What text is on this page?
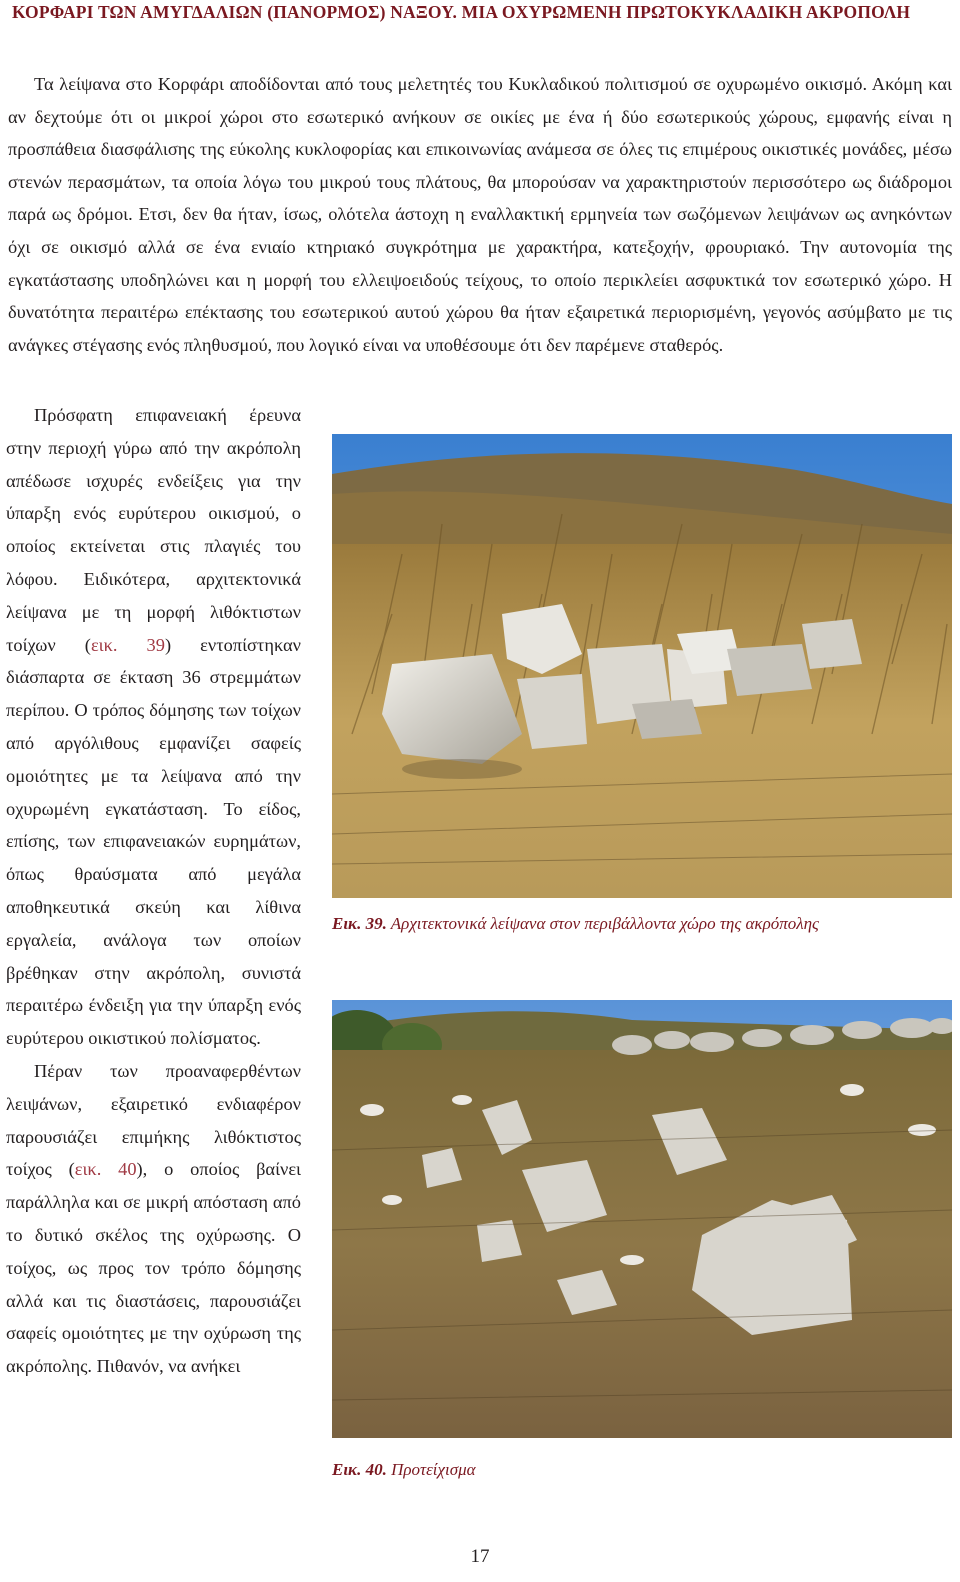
ΚΟΡΦΑΡΙ ΤΩΝ ΑΜΥΓΔΑΛΙΩΝ (ΠΑΝΟΡΜΟΣ) ΝΑΞΟΥ. ΜΙΑ ΟΧΥΡΩΜΕΝΗ ΠΡΩΤΟΚΥΚΛΑΔΙΚΗ ΑΚΡΟΠΟΛΗ
Τα λείψανα στο Κορφάρι αποδίδονται από τους μελετητές του Κυκλαδικού πολιτισμού σε οχυρωμένο οικισμό. Ακόμη και αν δεχτούμε ότι οι μικροί χώροι στο εσωτερικό ανήκουν σε οικίες με ένα ή δύο εσωτερικούς χώρους, εμφανής είναι η προσπάθεια διασφάλισης της εύκολης κυκλοφορίας και επικοινωνίας ανάμεσα σε όλες τις επιμέρους οικιστικές μονάδες, μέσω στενών περασμάτων, τα οποία λόγω του μικρού τους πλάτους, θα μπορούσαν να χαρακτηριστούν περισσότερο ως διάδρομοι παρά ως δρόμοι. Ετσι, δεν θα ήταν, ίσως, ολότελα άστοχη η εναλλακτική ερμηνεία των σωζόμενων λειψάνων ως ανηκόντων όχι σε οικισμό αλλά σε ένα ενιαίο κτηριακό συγκρότημα με χαρακτήρα, κατεξοχήν, φρουριακό. Την αυτονομία της εγκατάστασης υποδηλώνει και η μορφή του ελλειψοειδούς τείχους, το οποίο περικλείει ασφυκτικά τον εσωτερικό χώρο. Η δυνατότητα περαιτέρω επέκτασης του εσωτερικού αυτού χώρου θα ήταν εξαιρετικά περιορισμένη, γεγονός ασύμβατο με τις ανάγκες στέγασης ενός πληθυσμού, που λογικό είναι να υποθέσουμε ότι δεν παρέμενε σταθερός.

Πρόσφατη επιφανειακή έρευνα στην περιοχή γύρω από την ακρόπολη απέδωσε ισχυρές ενδείξεις για την ύπαρξη ενός ευρύτερου οικισμού, ο οποίος εκτείνεται στις πλαγιές του λόφου. Ειδικότερα, αρχιτεκτονικά λείψανα με τη μορφή λιθόκτιστων τοίχων (εικ. 39) εντοπίστηκαν διάσπαρτα σε έκταση 36 στρεμμάτων περίπου. Ο τρόπος δόμησης των τοίχων από αργόλιθους εμφανίζει σαφείς ομοιότητες με τα λείψανα από την οχυρωμένη εγκατάσταση. Το είδος, επίσης, των επιφανειακών ευρημάτων, όπως θραύσματα από μεγάλα αποθηκευτικά σκεύη και λίθινα εργαλεία, ανάλογα των οποίων βρέθηκαν στην ακρόπολη, συνιστά περαιτέρω ένδειξη για την ύπαρξη ενός ευρύτερου οικιστικού πολίσματος.

Πέραν των προαναφερθέντων λειψάνων, εξαιρετικό ενδιαφέρον παρουσιάζει επιμήκης λιθόκτιστος τοίχος (εικ. 40), ο οποίος βαίνει παράλληλα και σε μικρή απόσταση από το δυτικό σκέλος της οχύρωσης. Ο τοίχος, ως προς τον τρόπο δόμησης αλλά και τις διαστάσεις, παρουσιάζει σαφείς ομοιότητες με την οχύρωση της ακρόπολης. Πιθανόν, να ανήκει

Εικ. 39. Αρχιτεκτονικά λείψανα στον περιβάλλοντα χώρο της ακρόπολης
Εικ. 40. Προτείχισμα
17
